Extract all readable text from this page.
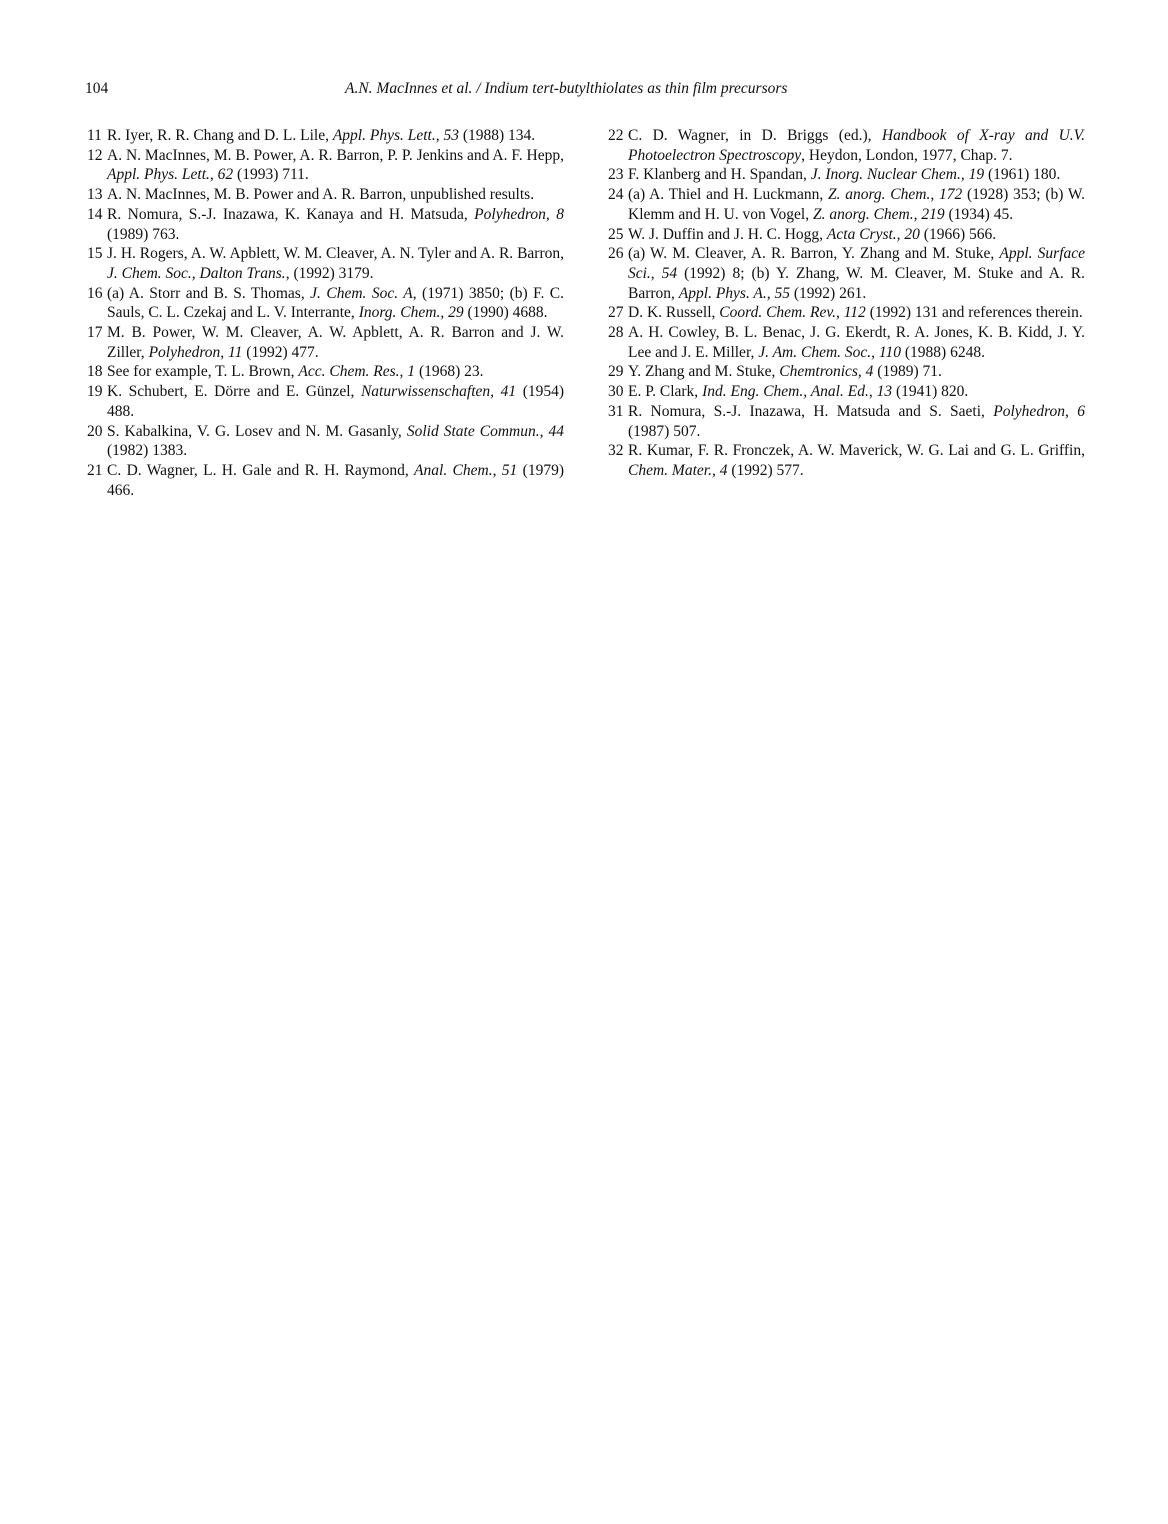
104	A.N. MacInnes et al. / Indium tert-butylthiolates as thin film precursors

11 R. Iyer, R. R. Chang and D. L. Lile, Appl. Phys. Lett., 53 (1988) 134.

12 A. N. MacInnes, M. B. Power, A. R. Barron, P. P. Jenkins and A. F. Hepp, Appl. Phys. Lett., 62 (1993) 711.

13 A. N. MacInnes, M. B. Power and A. R. Barron, unpublished results.

14 R. Nomura, S.-J. Inazawa, K. Kanaya and H. Matsuda, Polyhedron, 8 (1989) 763.

15 J. H. Rogers, A. W. Apblett, W. M. Cleaver, A. N. Tyler and A. R. Barron, J. Chem. Soc., Dalton Trans., (1992) 3179.

16 (a) A. Storr and B. S. Thomas, J. Chem. Soc. A, (1971) 3850; (b) F. C. Sauls, C. L. Czekaj and L. V. Interrante, Inorg. Chem., 29 (1990) 4688.

17 M. B. Power, W. M. Cleaver, A. W. Apblett, A. R. Barron and J. W. Ziller, Polyhedron, 11 (1992) 477.

18 See for example, T. L. Brown, Acc. Chem. Res., 1 (1968) 23.

19 K. Schubert, E. Dörre and E. Günzel, Naturwissenschaften, 41 (1954) 488.

20 S. Kabalkina, V. G. Losev and N. M. Gasanly, Solid State Commun., 44 (1982) 1383.

21 C. D. Wagner, L. H. Gale and R. H. Raymond, Anal. Chem., 51 (1979) 466.

22 C. D. Wagner, in D. Briggs (ed.), Handbook of X-ray and U.V. Photoelectron Spectroscopy, Heydon, London, 1977, Chap. 7.

23 F. Klanberg and H. Spandan, J. Inorg. Nuclear Chem., 19 (1961) 180.

24 (a) A. Thiel and H. Luckmann, Z. anorg. Chem., 172 (1928) 353; (b) W. Klemm and H. U. von Vogel, Z. anorg. Chem., 219 (1934) 45.

25 W. J. Duffin and J. H. C. Hogg, Acta Cryst., 20 (1966) 566.

26 (a) W. M. Cleaver, A. R. Barron, Y. Zhang and M. Stuke, Appl. Surface Sci., 54 (1992) 8; (b) Y. Zhang, W. M. Cleaver, M. Stuke and A. R. Barron, Appl. Phys. A., 55 (1992) 261.

27 D. K. Russell, Coord. Chem. Rev., 112 (1992) 131 and references therein.

28 A. H. Cowley, B. L. Benac, J. G. Ekerdt, R. A. Jones, K. B. Kidd, J. Y. Lee and J. E. Miller, J. Am. Chem. Soc., 110 (1988) 6248.

29 Y. Zhang and M. Stuke, Chemtronics, 4 (1989) 71.

30 E. P. Clark, Ind. Eng. Chem., Anal. Ed., 13 (1941) 820.

31 R. Nomura, S.-J. Inazawa, H. Matsuda and S. Saeti, Polyhedron, 6 (1987) 507.

32 R. Kumar, F. R. Fronczek, A. W. Maverick, W. G. Lai and G. L. Griffin, Chem. Mater., 4 (1992) 577.
